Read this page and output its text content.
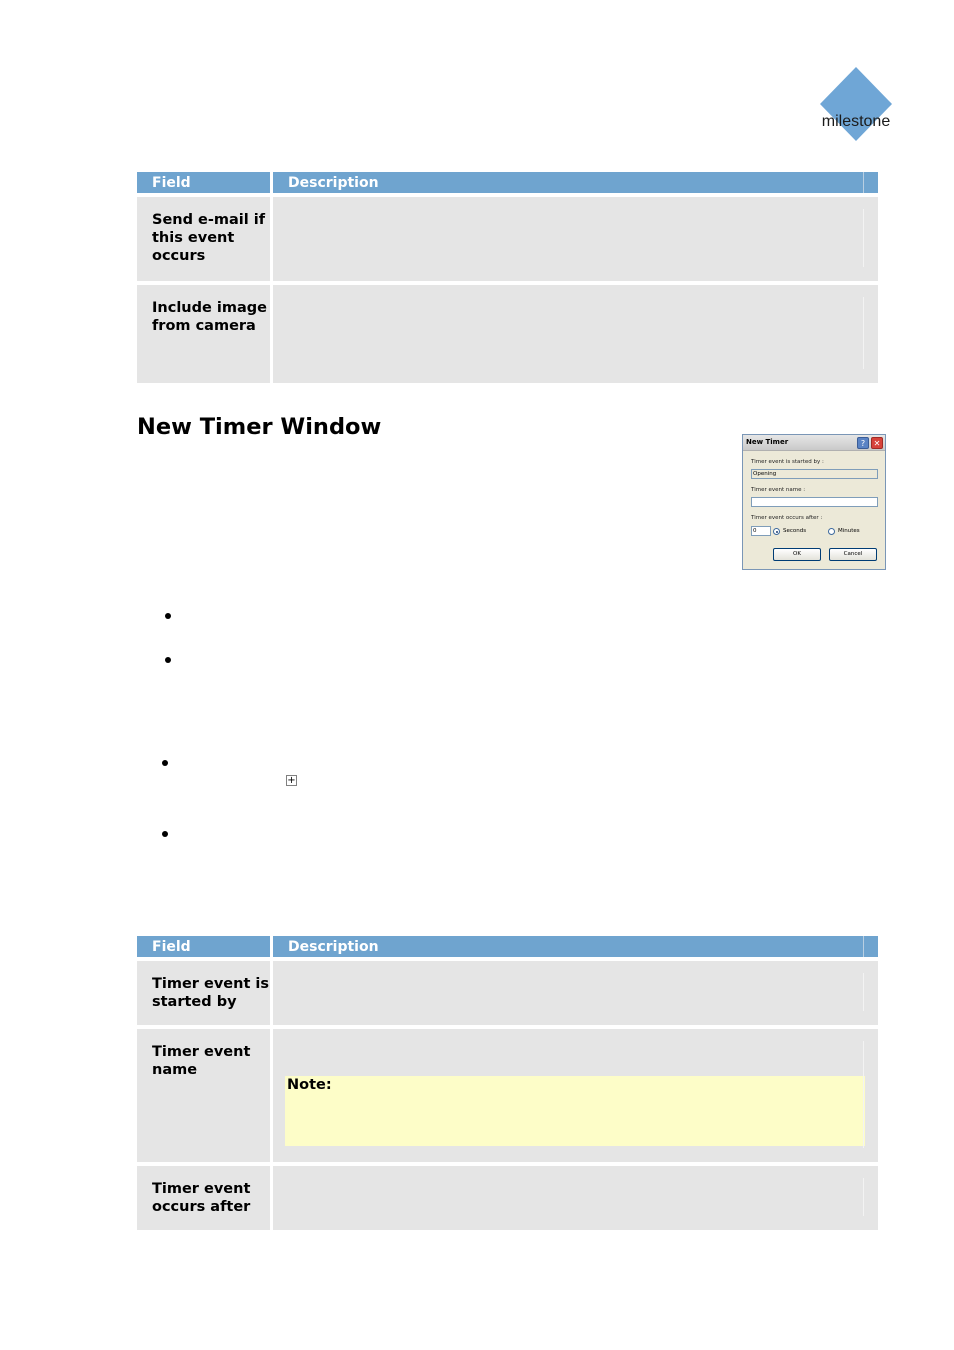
milestone
Field	Description
Send e-mail if this event occurs
Include image from camera
New Timer Window
New Timer	?	✕
Timer event is started by :
Opening
Timer event name :
Timer event occurs after :
0	Seconds	Minutes
OK	Cancel
+
Field	Description
Timer event is started by
Timer event name
Note:
Timer event occurs after
